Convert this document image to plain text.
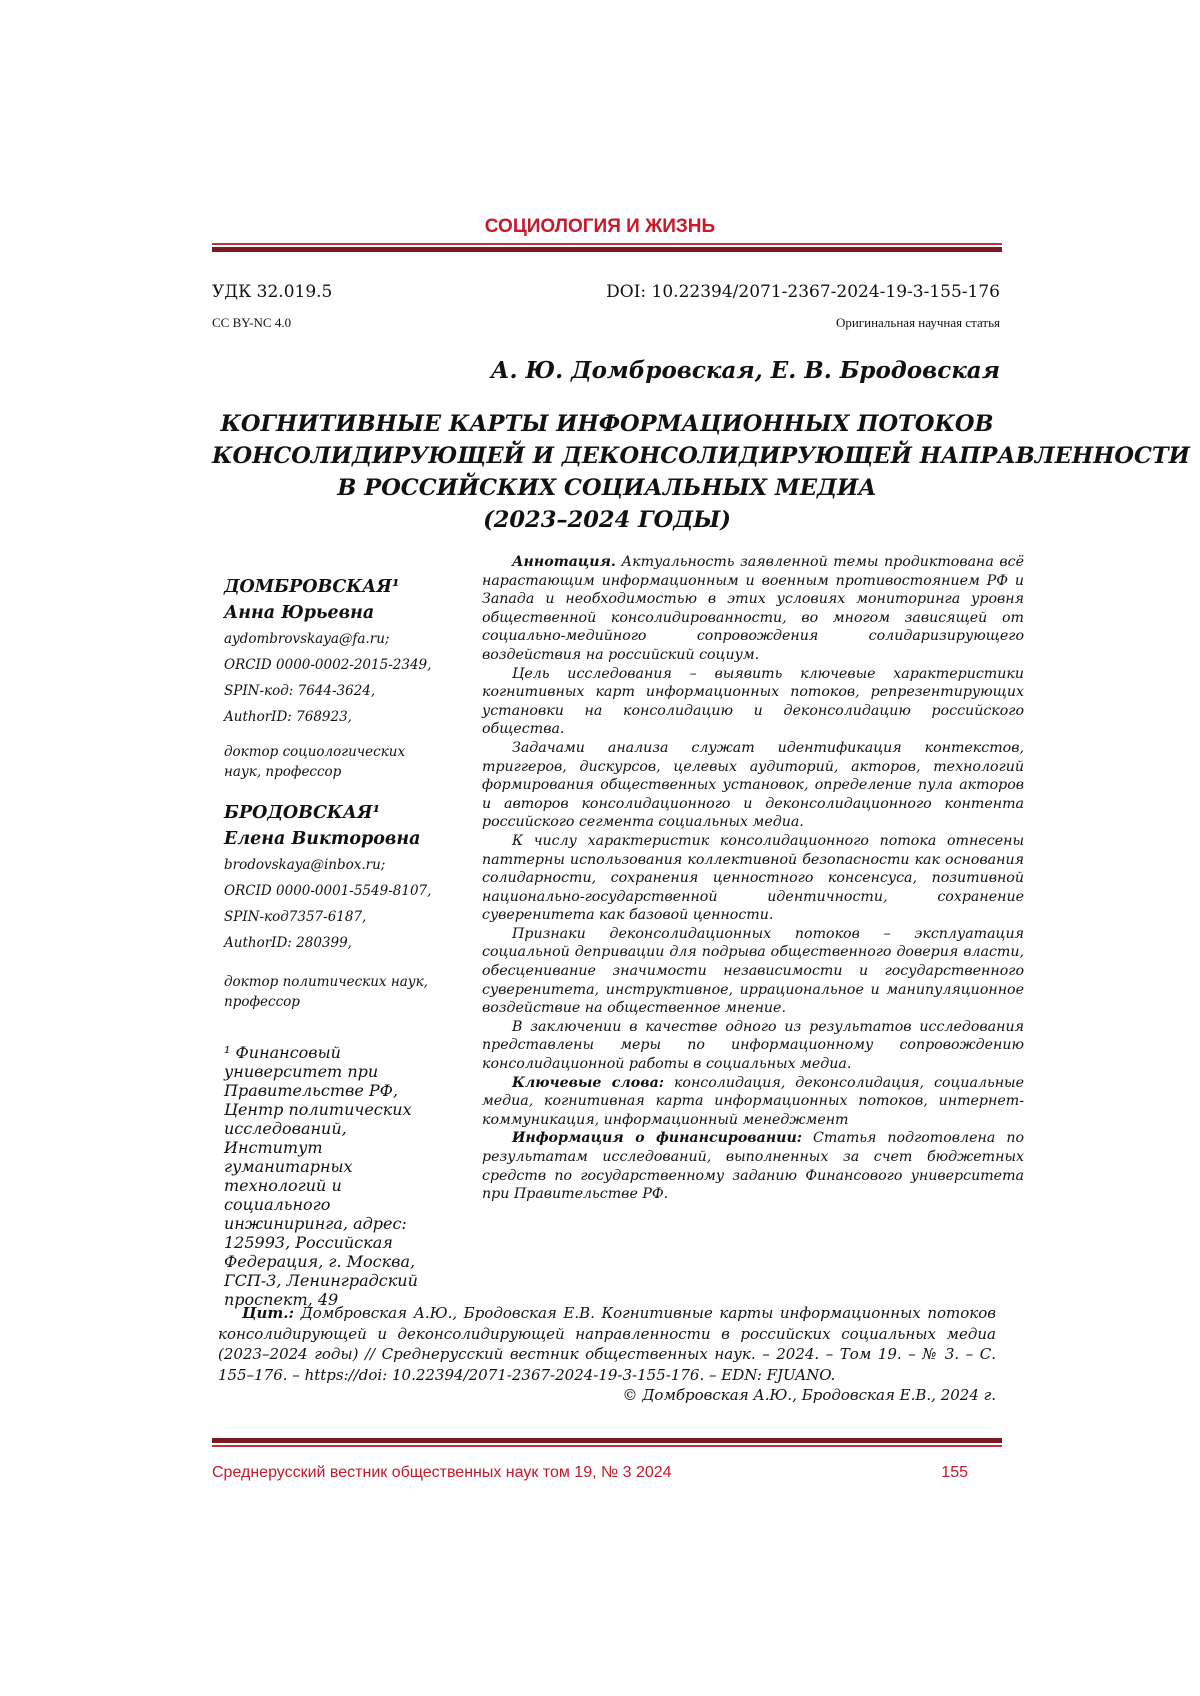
СОЦИОЛОГИЯ И ЖИЗНЬ
УДК 32.019.5	DOI: 10.22394/2071-2367-2024-19-3-155-176
CC BY-NC 4.0	Оригинальная научная статья
А. Ю. Домбровская, Е. В. Бродовская
КОГНИТИВНЫЕ КАРТЫ ИНФОРМАЦИОННЫХ ПОТОКОВ
КОНСОЛИДИРУЮЩЕЙ И ДЕКОНСОЛИДИРУЮЩЕЙ НАПРАВЛЕННОСТИ
В РОССИЙСКИХ СОЦИАЛЬНЫХ МЕДИА
(2023–2024 ГОДЫ)
ДОМБРОВСКАЯ¹
Анна Юрьевна
aydombrovskaya@fa.ru;
ORCID 0000-0002-2015-2349,
SPIN-код: 7644-3624,
AuthorID: 768923,
доктор социологических наук, профессор
БРОДОВСКАЯ¹
Елена Викторовна
brodovskaya@inbox.ru;
ORCID 0000-0001-5549-8107,
SPIN-код7357-6187,
AuthorID: 280399,
доктор политических наук, профессор
¹ Финансовый университет при Правительстве РФ, Центр политических исследований, Институт гуманитарных технологий и социального инжиниринга, адрес: 125993, Российская Федерация, г. Москва, ГСП-3, Ленинградский проспект, 49

Аннотация. Актуальность заявленной темы продиктована всё нарастающим информационным и военным противостоянием РФ и Запада и необходимостью в этих условиях мониторинга уровня общественной консолидированности, во многом зависящей от социально-медийного сопровождения солидаризирующего воздействия на российский социум.

Цель исследования – выявить ключевые характеристики когнитивных карт информационных потоков, репрезентирующих установки на консолидацию и деконсолидацию российского общества.

Задачами анализа служат идентификация контекстов, триггеров, дискурсов, целевых аудиторий, акторов, технологий формирования общественных установок, определение пула акторов и авторов консолидационного и деконсолидационного контента российского сегмента социальных медиа.

К числу характеристик консолидационного потока отнесены паттерны использования коллективной безопасности как основания солидарности, сохранения ценностного консенсуса, позитивной национально-государственной идентичности, сохранение суверенитета как базовой ценности.

Признаки деконсолидационных потоков – эксплуатация социальной депривации для подрыва общественного доверия власти, обесценивание значимости независимости и государственного суверенитета, инструктивное, иррациональное и манипуляционное воздействие на общественное мнение.

В заключении в качестве одного из результатов исследования представлены меры по информационному сопровождению консолидационной работы в социальных медиа.

Ключевые слова: консолидация, деконсолидация, социальные медиа, когнитивная карта информационных потоков, интернет-коммуникация, информационный менеджмент

Информация о финансировании: Статья подготовлена по результатам исследований, выполненных за счет бюджетных средств по государственному заданию Финансового университета при Правительстве РФ.

Цит.: Домбровская А.Ю., Бродовская Е.В. Когнитивные карты информационных потоков консолидирующей и деконсолидирующей направленности в российских социальных медиа (2023–2024 годы) // Среднерусский вестник общественных наук. – 2024. – Том 19. – № 3. – С. 155–176. – https://doi: 10.22394/2071-2367-2024-19-3-155-176. – EDN: FJUANO.

© Домбровская А.Ю., Бродовская Е.В., 2024 г.
Среднерусский вестник общественных наук том 19, № 3 2024	155
